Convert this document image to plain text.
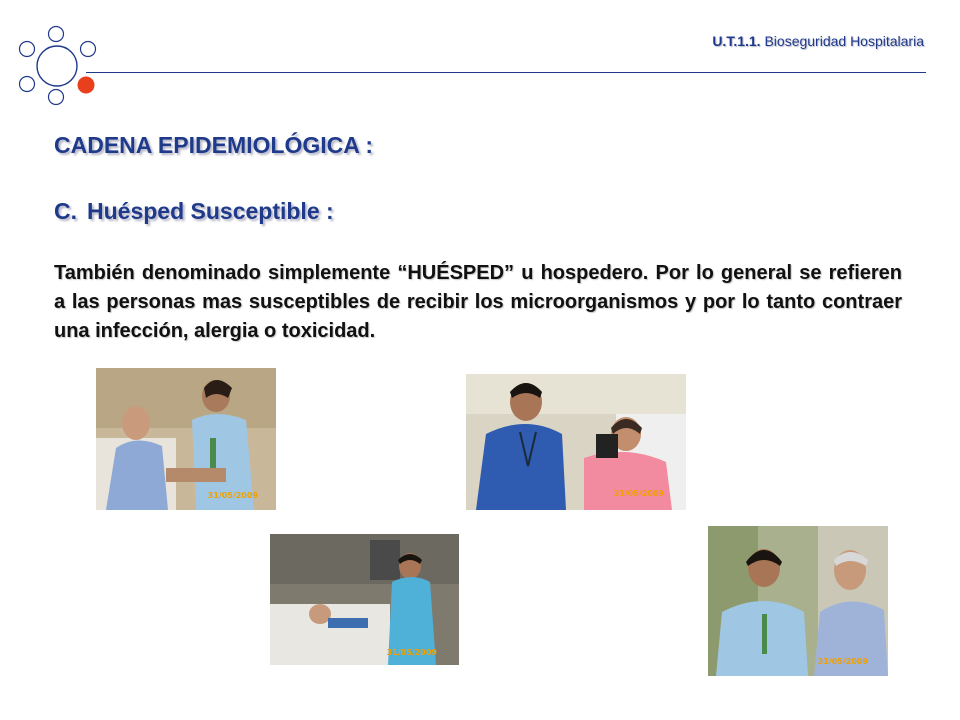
U.T.1.1. Bioseguridad Hospitalaria
CADENA EPIDEMIOLÓGICA :
C. Huésped Susceptible :

También denominado simplemente “HUÉSPED” u hospedero. Por lo general se refieren a las personas mas susceptibles de recibir los microorganismos y por lo tanto contraer una infección, alergia o toxicidad.

31/05/2009	31/05/2009
31/05/2009
31/05/2009
